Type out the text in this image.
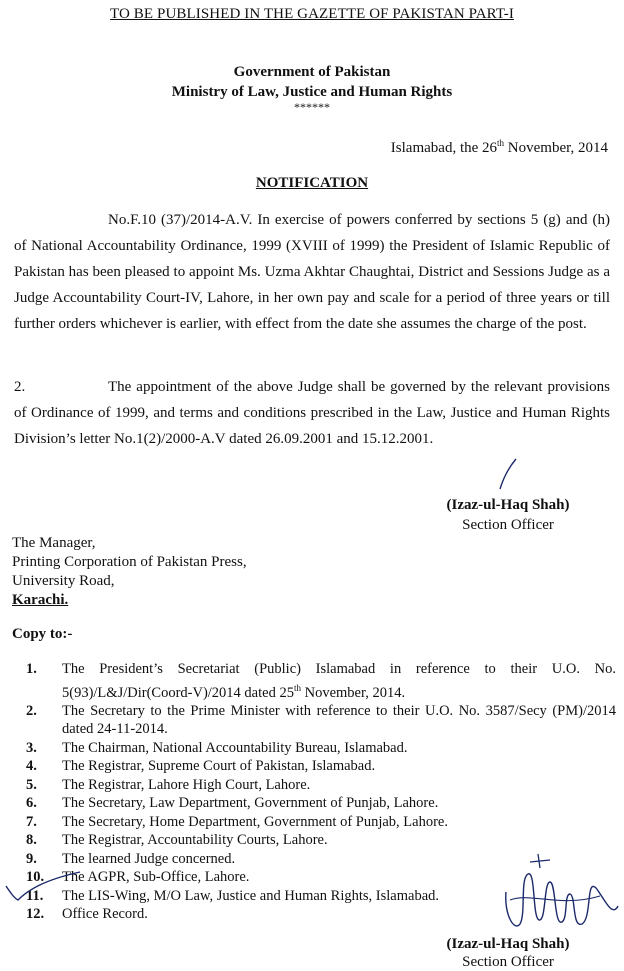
TO BE PUBLISHED IN THE GAZETTE OF PAKISTAN PART-I
Government of Pakistan
Ministry of Law, Justice and Human Rights
******
Islamabad, the 26th November, 2014
NOTIFICATION
No.F.10 (37)/2014-A.V. In exercise of powers conferred by sections 5 (g) and (h) of National Accountability Ordinance, 1999 (XVIII of 1999) the President of Islamic Republic of Pakistan has been pleased to appoint Ms. Uzma Akhtar Chaughtai, District and Sessions Judge as a Judge Accountability Court-IV, Lahore, in her own pay and scale for a period of three years or till further orders whichever is earlier, with effect from the date she assumes the charge of the post.
2.	The appointment of the above Judge shall be governed by the relevant provisions of Ordinance of 1999, and terms and conditions prescribed in the Law, Justice and Human Rights Division’s letter No.1(2)/2000-A.V dated 26.09.2001 and 15.12.2001.
(Izaz-ul-Haq Shah)
Section Officer
The Manager,
Printing Corporation of Pakistan Press,
University Road,
Karachi.
Copy to:-
1. The President’s Secretariat (Public) Islamabad in reference to their U.O. No. 5(93)/L&J/Dir(Coord-V)/2014 dated 25th November, 2014.
2. The Secretary to the Prime Minister with reference to their U.O. No. 3587/Secy (PM)/2014 dated 24-11-2014.
3. The Chairman, National Accountability Bureau, Islamabad.
4. The Registrar, Supreme Court of Pakistan, Islamabad.
5. The Registrar, Lahore High Court, Lahore.
6. The Secretary, Law Department, Government of Punjab, Lahore.
7. The Secretary, Home Department, Government of Punjab, Lahore.
8. The Registrar, Accountability Courts, Lahore.
9. The learned Judge concerned.
10. The AGPR, Sub-Office, Lahore.
11. The LIS-Wing, M/O Law, Justice and Human Rights, Islamabad.
12. Office Record.
(Izaz-ul-Haq Shah)
Section Officer
